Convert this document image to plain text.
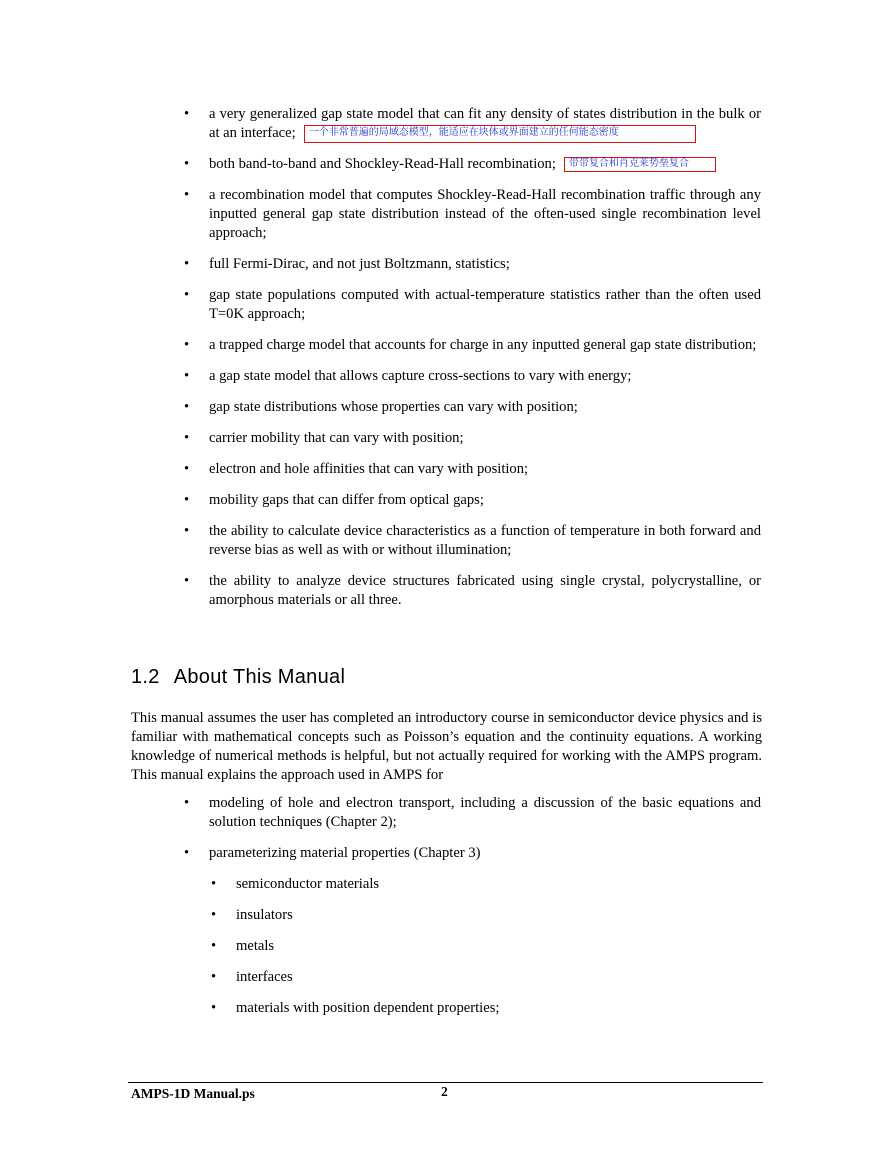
• a very generalized gap state model that can fit any density of states distribution in the bulk or at an interface; 一个非常普遍的局域态模型，能适应在块体或界面建立的任何能态密度
• both band-to-band and Shockley-Read-Hall recombination; 带带复合和肖克莱势垒复合
• a recombination model that computes Shockley-Read-Hall recombination traffic through any inputted general gap state distribution instead of the often-used single recombination level approach;
• full Fermi-Dirac, and not just Boltzmann, statistics;
• gap state populations computed with actual-temperature statistics rather than the often used T=0K approach;
• a trapped charge model that accounts for charge in any inputted general gap state distribution;
• a gap state model that allows capture cross-sections to vary with energy;
• gap state distributions whose properties can vary with position;
• carrier mobility that can vary with position;
• electron and hole affinities that can vary with position;
• mobility gaps that can differ from optical gaps;
• the ability to calculate device characteristics as a function of temperature in both forward and reverse bias as well as with or without illumination;
• the ability to analyze device structures fabricated using single crystal, polycrystalline, or amorphous materials or all three.
1.2 About This Manual

This manual assumes the user has completed an introductory course in semiconductor device physics and is familiar with mathematical concepts such as Poisson’s equation and the continuity equations. A working knowledge of numerical methods is helpful, but not actually required for working with the AMPS program. This manual explains the approach used in AMPS for

• modeling of hole and electron transport, including a discussion of the basic equations and solution techniques (Chapter 2);
• parameterizing material properties (Chapter 3)
• semiconductor materials
• insulators
• metals
• interfaces
• materials with position dependent properties;
AMPS-1D Manual.ps	2
